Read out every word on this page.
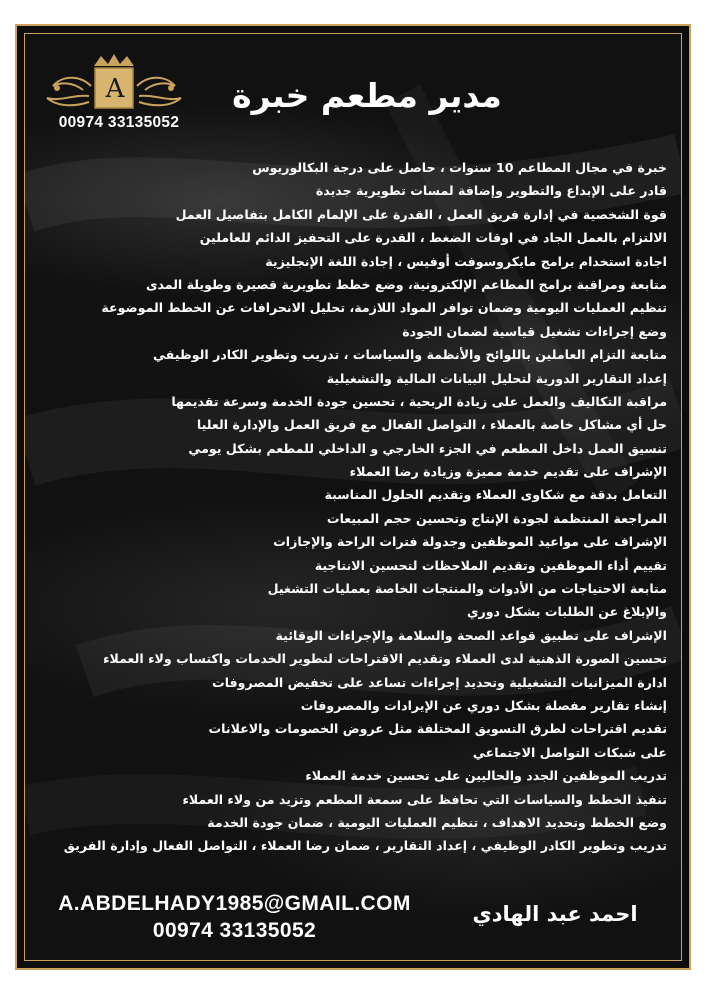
A
00974 33135052
مدير مطعم خبرة
خبرة في مجال المطاعم 10 سنوات ، حاصل على درجة البكالوريوس
قادر على الإبداع والتطوير وإضافة لمسات تطويرية جديدة
قوة الشخصية في إدارة فريق العمل ، القدرة على الإلمام الكامل بتفاصيل العمل
الالتزام بالعمل الجاد في اوقات الضغط ، القدرة على التحفيز الدائم للعاملين
اجادة استخدام برامج مايكروسوفت أوفيس ، إجادة اللغة الإنجليزية
متابعة ومراقبة برامج المطاعم الإلكترونية، وضع خطط تطويرية قصيرة وطويلة المدى
تنظيم العمليات اليومية وضمان توافر المواد اللازمة، تحليل الانحرافات عن الخطط الموضوعة
وضع إجراءات تشغيل قياسية لضمان الجودة
متابعة التزام العاملين باللوائح والأنظمة والسياسات ، تدريب وتطوير الكادر الوظيفي
إعداد التقارير الدورية لتحليل البيانات المالية والتشغيلية
مراقبة التكاليف والعمل على زيادة الربحية ، تحسين جودة الخدمة وسرعة تقديمها
حل أي مشاكل خاصة بالعملاء ، التواصل الفعال مع فريق العمل والإدارة العليا
تنسيق العمل داخل المطعم في الجزء الخارجي و الداخلي للمطعم بشكل يومي
الإشراف على تقديم خدمة مميزة وزيادة رضا العملاء
التعامل بدقة مع شكاوى العملاء وتقديم الحلول المناسبة
المراجعة المنتظمة لجودة الإنتاج وتحسين حجم المبيعات
الإشراف على مواعيد الموظفين وجدولة فترات الراحة والإجازات
تقييم أداء الموظفين وتقديم الملاحظات لتحسين الانتاجية
متابعة الاحتياجات من الأدوات والمنتجات الخاصة بعمليات التشغيل
والإبلاغ عن الطلبات بشكل دوري
الإشراف على تطبيق قواعد الصحة والسلامة والإجراءات الوقائية
تحسين الصورة الذهنية لدى العملاء وتقديم الاقتراحات لتطوير الخدمات واكتساب ولاء العملاء
ادارة الميزانيات التشغيلية وتحديد إجراءات تساعد على تخفيض المصروفات
إنشاء تقارير مفصلة بشكل دوري عن الإيرادات والمصروفات
تقديم اقتراحات لطرق التسويق المختلفة مثل عروض الخصومات والاعلانات
على شبكات التواصل الاجتماعي
تدريب الموظفين الجدد والحاليين على تحسين خدمة العملاء
تنفيذ الخطط والسياسات التي تحافظ على سمعة المطعم وتزيد من ولاء العملاء
وضع الخطط وتحديد الاهداف ، تنظيم العمليات اليومية ، ضمان جودة الخدمة
تدريب وتطوير الكادر الوظيفي ، إعداد التقارير ، ضمان رضا العملاء ، التواصل الفعال وإدارة الفريق
A.ABDELHADY1985@GMAIL.COM
00974 33135052
احمد عبد الهادي
